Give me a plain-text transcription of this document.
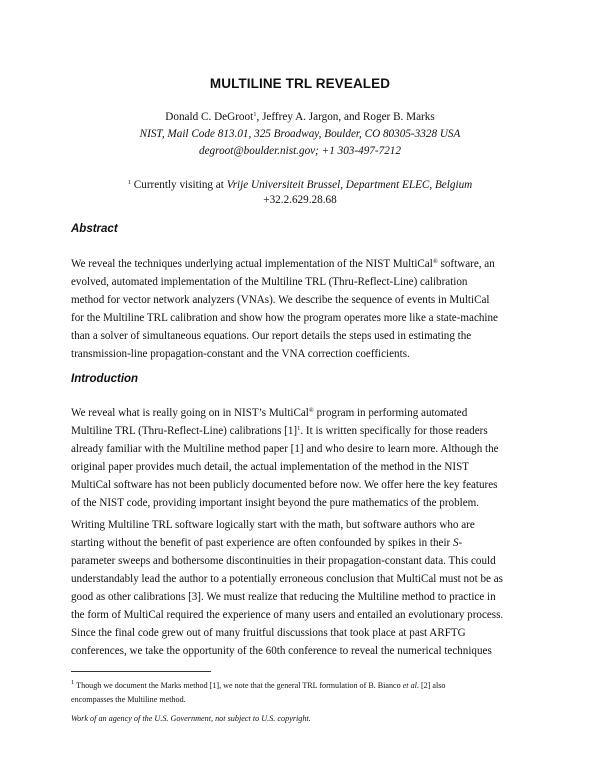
MULTILINE TRL REVEALED
Donald C. DeGroot$^1$, Jeffrey A. Jargon, and Roger B. Marks
NIST, Mail Code 813.01, 325 Broadway, Boulder, CO 80305-3328 USA
degroot@boulder.nist.gov; +1 303-497-7212
$^1$ Currently visiting at Vrije Universiteit Brussel, Department ELEC, Belgium
+32.2.629.28.68
Abstract
We reveal the techniques underlying actual implementation of the NIST MultiCal® software, an
evolved, automated implementation of the Multiline TRL (Thru-Reflect-Line) calibration
method for vector network analyzers (VNAs). We describe the sequence of events in MultiCal
for the Multiline TRL calibration and show how the program operates more like a state-machine
than a solver of simultaneous equations. Our report details the steps used in estimating the
transmission-line propagation-constant and the VNA correction coefficients.
Introduction
We reveal what is really going on in NIST’s MultiCal® program in performing automated
Multiline TRL (Thru-Reflect-Line) calibrations $[1]^1$. It is written specifically for those readers
already familiar with the Multiline method paper [1] and who desire to learn more. Although the
original paper provides much detail, the actual implementation of the method in the NIST
MultiCal software has not been publicly documented before now. We offer here the key features
of the NIST code, providing important insight beyond the pure mathematics of the problem.
Writing Multiline TRL software logically start with the math, but software authors who are
starting without the benefit of past experience are often confounded by spikes in their S-
parameter sweeps and bothersome discontinuities in their propagation-constant data. This could
understandably lead the author to a potentially erroneous conclusion that MultiCal must not be as
good as other calibrations [3]. We must realize that reducing the Multiline method to practice in
the form of MultiCal required the experience of many users and entailed an evolutionary process.
Since the final code grew out of many fruitful discussions that took place at past ARFTG
conferences, we take the opportunity of the 60th conference to reveal the numerical techniques
$^1$ Though we document the Marks method [1], we note that the general TRL formulation of B. Bianco et al. [2] also
encompasses the Multiline method.
Work of an agency of the U.S. Government, not subject to U.S. copyright.
